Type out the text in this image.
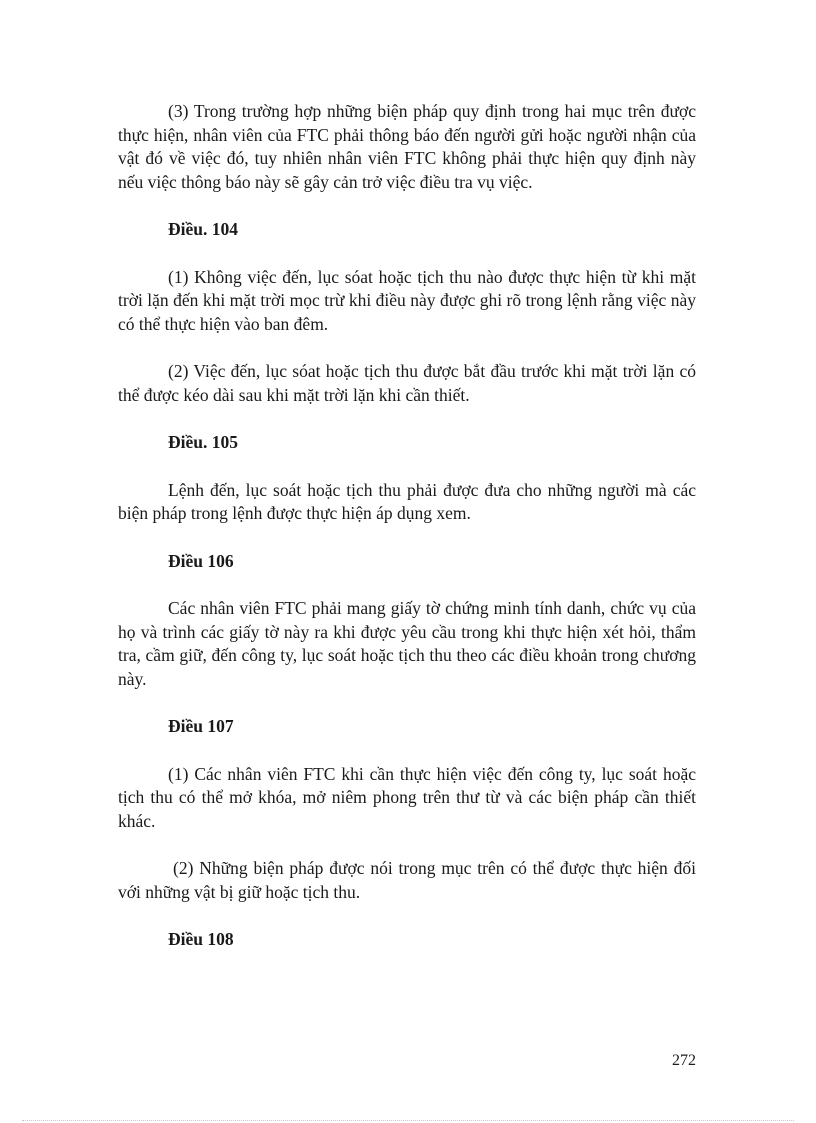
(3) Trong trường hợp những biện pháp quy định trong hai mục trên được thực hiện, nhân viên của FTC phải thông báo đến người gửi hoặc người nhận của vật đó về việc đó, tuy nhiên nhân viên FTC không phải thực hiện quy định này nếu việc thông báo này sẽ gây cản trở việc điều tra vụ việc.

Điều. 104

(1) Không việc đến, lục sóat hoặc tịch thu nào được thực hiện từ khi mặt trời lặn đến khi mặt trời mọc trừ khi điều này được ghi rõ trong lệnh rằng việc này có thể thực hiện vào ban đêm.

(2) Việc đến, lục sóat hoặc tịch thu được bắt đầu trước khi mặt trời lặn có thể được kéo dài sau khi mặt trời lặn khi cần thiết.

Điều. 105

Lệnh đến, lục soát hoặc tịch thu phải được đưa cho những người mà các biện pháp trong lệnh được thực hiện áp dụng xem.

Điều 106

Các nhân viên FTC phải mang giấy tờ chứng minh tính danh, chức vụ của họ và trình các giấy tờ này ra khi được yêu cầu trong khi thực hiện xét hỏi, thẩm tra, cầm giữ, đến công ty, lục soát hoặc tịch thu theo các điều khoản trong chương này.

Điều 107

(1) Các nhân viên FTC khi cần thực hiện việc đến công ty, lục soát hoặc tịch thu có thể mở khóa, mở niêm phong trên thư từ và các biện pháp cần thiết khác.

(2) Những biện pháp được nói trong mục trên có thể được thực hiện đối với những vật bị giữ hoặc tịch thu.

Điều 108

272
